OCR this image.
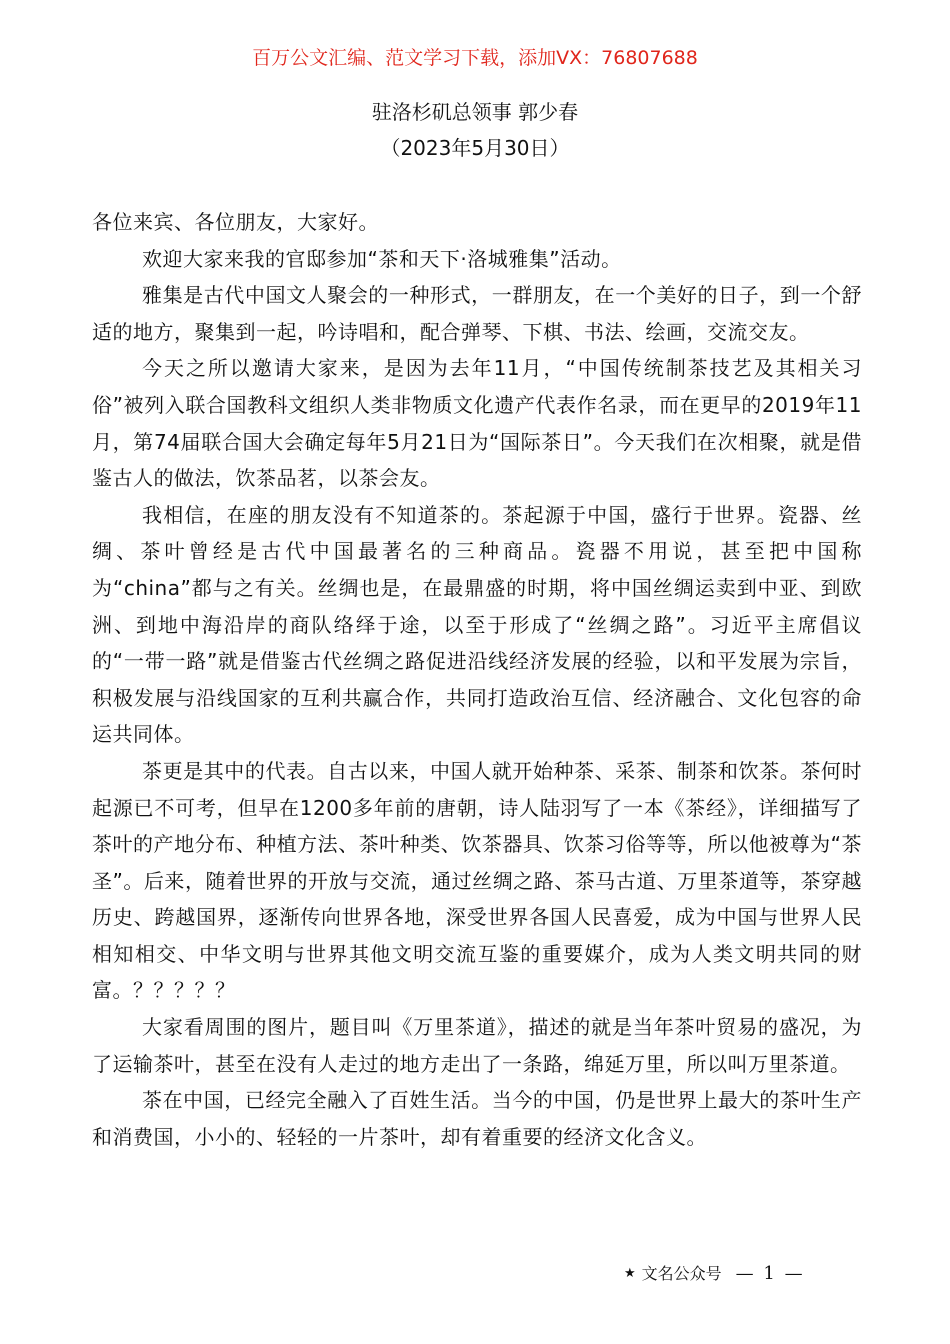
百万公文汇编、范文学习下载，添加VX：76807688
驻洛杉矶总领事 郭少春
（2023年5月30日）

各位来宾、各位朋友，大家好。

欢迎大家来我的官邸参加“茶和天下·洛城雅集”活动。

雅集是古代中国文人聚会的一种形式，一群朋友，在一个美好的日子，到一个舒适的地方，聚集到一起，吟诗唱和，配合弹琴、下棋、书法、绘画，交流交友。

今天之所以邀请大家来，是因为去年11月，“中国传统制茶技艺及其相关习俗”被列入联合国教科文组织人类非物质文化遗产代表作名录，而在更早的2019年11月，第74届联合国大会确定每年5月21日为“国际茶日”。今天我们在次相聚，就是借鉴古人的做法，饮茶品茗，以茶会友。

我相信，在座的朋友没有不知道茶的。茶起源于中国，盛行于世界。瓷器、丝绸、茶叶曾经是古代中国最著名的三种商品。瓷器不用说，甚至把中国称为“china”都与之有关。丝绸也是，在最鼎盛的时期，将中国丝绸运卖到中亚、到欧洲、到地中海沿岸的商队络绎于途，以至于形成了“丝绸之路”。习近平主席倡议的“一带一路”就是借鉴古代丝绸之路促进沿线经济发展的经验，以和平发展为宗旨，积极发展与沿线国家的互利共赢合作，共同打造政治互信、经济融合、文化包容的命运共同体。

茶更是其中的代表。自古以来，中国人就开始种茶、采茶、制茶和饮茶。茶何时起源已不可考，但早在1200多年前的唐朝，诗人陆羽写了一本《茶经》，详细描写了茶叶的产地分布、种植方法、茶叶种类、饮茶器具、饮茶习俗等等，所以他被尊为“茶圣”。后来，随着世界的开放与交流，通过丝绸之路、茶马古道、万里茶道等，茶穿越历史、跨越国界，逐渐传向世界各地，深受世界各国人民喜爱，成为中国与世界人民相知相交、中华文明与世界其他文明交流互鉴的重要媒介，成为人类文明共同的财富。？？？？？

大家看周围的图片，题目叫《万里茶道》，描述的就是当年茶叶贸易的盛况，为了运输茶叶，甚至在没有人走过的地方走出了一条路，绵延万里，所以叫万里茶道。

茶在中国，已经完全融入了百姓生活。当今的中国，仍是世界上最大的茶叶生产和消费国，小小的、轻轻的一片茶叶，却有着重要的经济文化含义。

★ 文名公众号 — 1 —
